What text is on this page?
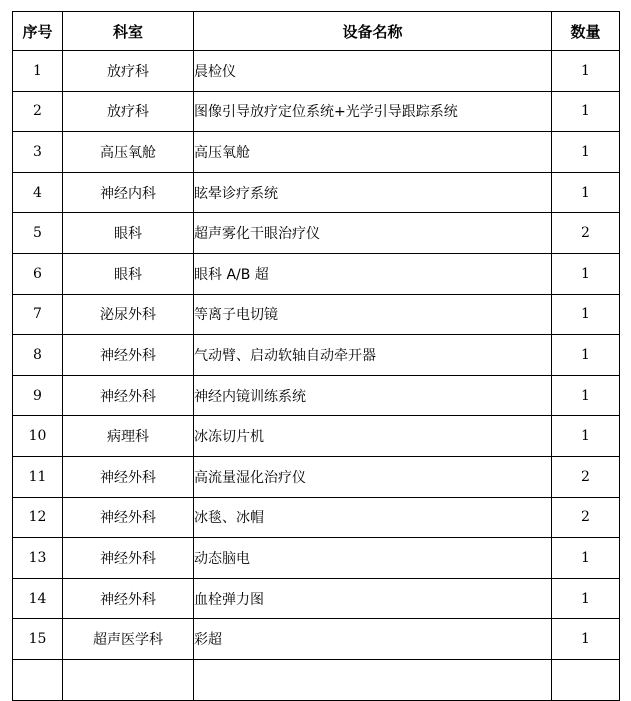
序号	科室	设备名称	数量
1	放疗科	晨检仪	1
2	放疗科	图像引导放疗定位系统+光学引导跟踪系统	1
3	高压氧舱	高压氧舱	1
4	神经内科	眩晕诊疗系统	1
5	眼科	超声雾化干眼治疗仪	2
6	眼科	眼科 A/B 超	1
7	泌尿外科	等离子电切镜	1
8	神经外科	气动臂、启动软轴自动牵开器	1
9	神经外科	神经内镜训练系统	1
10	病理科	冰冻切片机	1
11	神经外科	高流量湿化治疗仪	2
12	神经外科	冰毯、冰帽	2
13	神经外科	动态脑电	1
14	神经外科	血栓弹力图	1
15	超声医学科	彩超	1
